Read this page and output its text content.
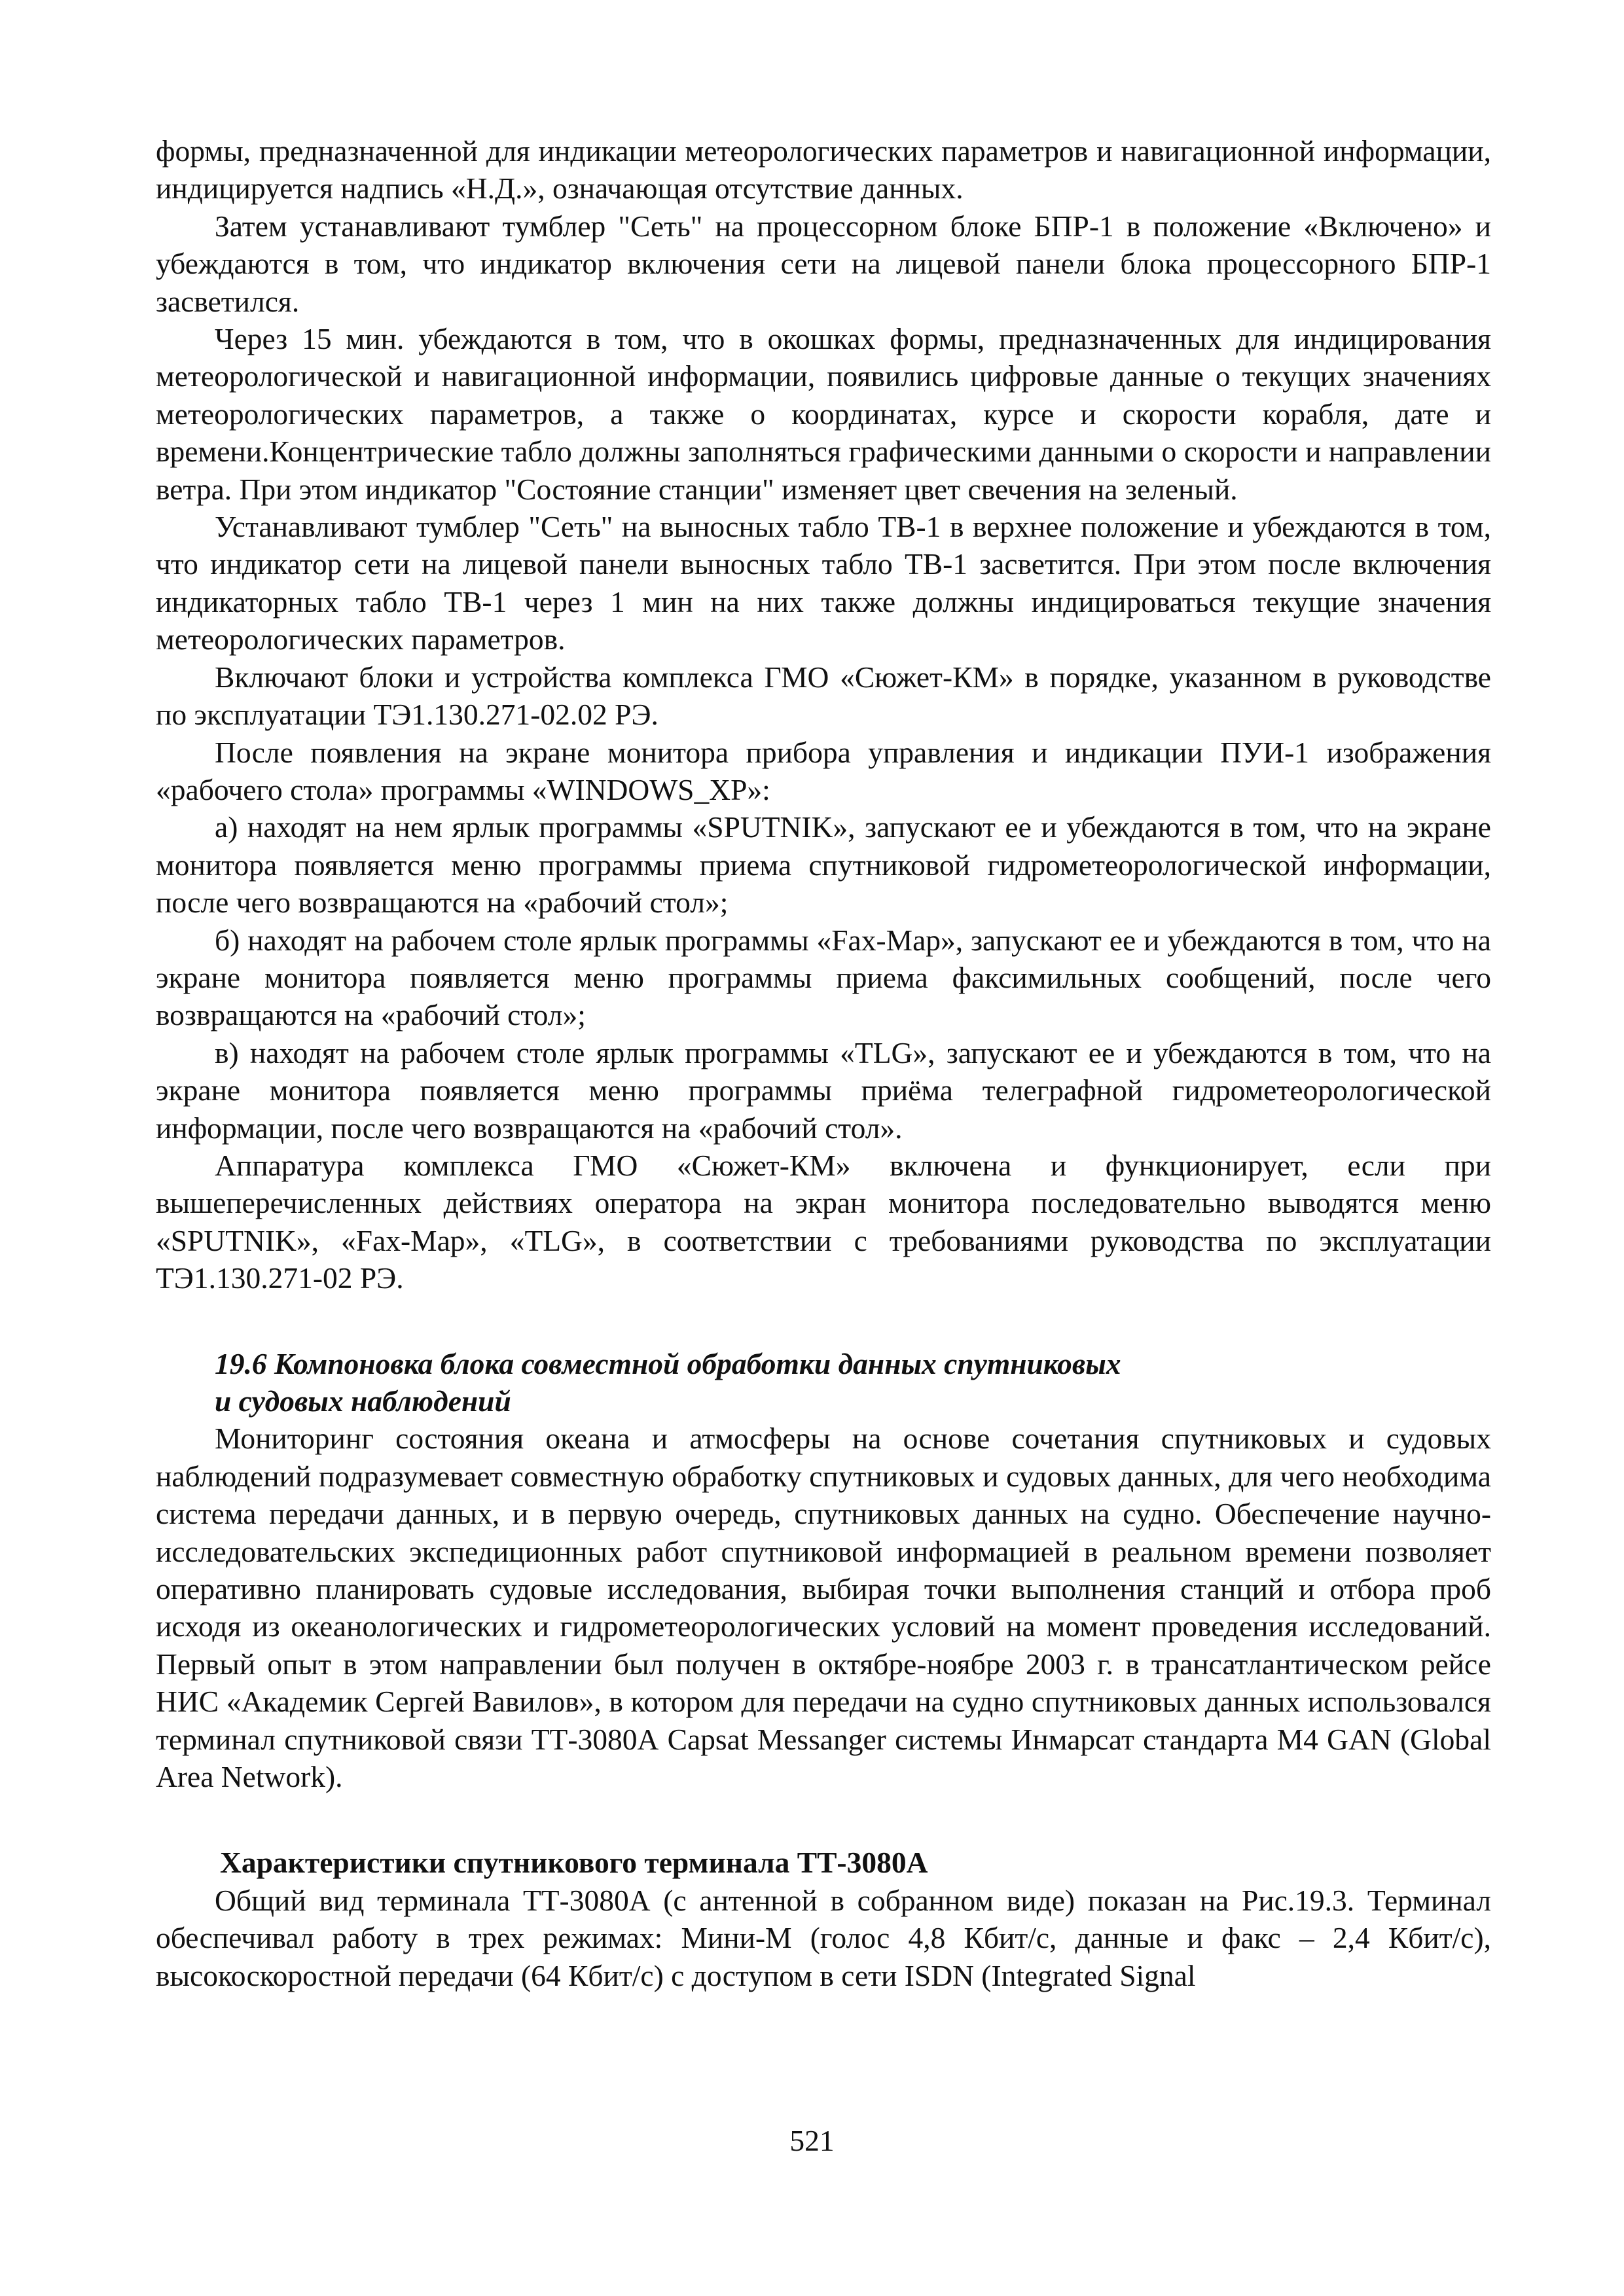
формы, предназначенной для индикации метеорологических параметров и навигационной информации, индицируется надпись «Н.Д.», означающая отсутствие данных.

Затем устанавливают тумблер "Сеть" на процессорном блоке БПР-1 в положение «Включено» и убеждаются в том, что индикатор включения сети на лицевой панели блока процессорного БПР-1 засветился.

Через 15 мин. убеждаются в том, что в окошках формы, предназначенных для индицирования метеорологической и навигационной информации, появились цифровые данные о текущих значениях метеорологических параметров, а также о координатах, курсе и скорости корабля, дате и времени.Концентрические табло должны заполняться графическими данными о скорости и направлении ветра. При этом индикатор "Состояние станции" изменяет цвет свечения на зеленый.

Устанавливают тумблер "Сеть" на выносных табло ТВ-1 в верхнее положение и убеждаются в том, что индикатор сети на лицевой панели выносных табло ТВ-1 засветится. При этом после включения индикаторных табло ТВ-1 через 1 мин на них также должны индицироваться текущие значения метеорологических параметров.

Включают блоки и устройства комплекса ГМО «Сюжет-КМ» в порядке, указанном в руководстве по эксплуатации ТЭ1.130.271-02.02 РЭ.

После появления на экране монитора прибора управления и индикации ПУИ-1 изображения «рабочего стола» программы «WINDOWS_XP»:

а) находят на нем ярлык программы «SPUTNIK», запускают ее и убеждаются в том, что на экране монитора появляется меню программы приема спутниковой гидрометеорологической информации, после чего возвращаются на «рабочий стол»;

б) находят на рабочем столе ярлык программы «Fax-Map», запускают ее и убеждаются в том, что на экране монитора появляется меню программы приема факсимильных сообщений, после чего возвращаются на «рабочий стол»;

в) находят на рабочем столе ярлык программы «TLG», запускают ее и убеждаются в том, что на экране монитора появляется меню программы приёма телеграфной гидрометеорологической информации, после чего возвращаются на «рабочий стол».

Аппаратура комплекса ГМО «Сюжет-КМ» включена и функционирует, если при вышеперечисленных действиях оператора на экран монитора последовательно выводятся меню «SPUTNIK», «Fax-Map», «TLG», в соответствии с требованиями руководства по эксплуатации ТЭ1.130.271-02 РЭ.

19.6 Компоновка блока совместной обработки данных спутниковых
и судовых наблюдений

Мониторинг состояния океана и атмосферы на основе сочетания спутниковых и судовых наблюдений подразумевает совместную обработку спутниковых и судовых данных, для чего необходима система передачи данных, и в первую очередь, спутниковых данных на судно. Обеспечение научно-исследовательских экспедиционных работ спутниковой информацией в реальном времени позволяет оперативно планировать судовые исследования, выбирая точки выполнения станций и отбора проб исходя из океанологических и гидрометеорологических условий на момент проведения исследований. Первый опыт в этом направлении был получен в октябре-ноябре 2003 г. в трансатлантическом рейсе НИС «Академик Сергей Вавилов», в котором для передачи на судно спутниковых данных использовался терминал спутниковой связи ТТ-3080А Capsat Messanger системы Инмарсат стандарта M4 GAN (Global Area Network).

Характеристики спутникового терминала ТТ-3080А

Общий вид терминала ТТ-3080А (с антенной в собранном виде) показан на Рис.19.3. Терминал обеспечивал работу в трех режимах: Мини-М (голос 4,8 Кбит/с, данные и факс – 2,4 Кбит/с), высокоскоростной передачи (64 Кбит/с) с доступом в сети ISDN (Integrated Signal

521
